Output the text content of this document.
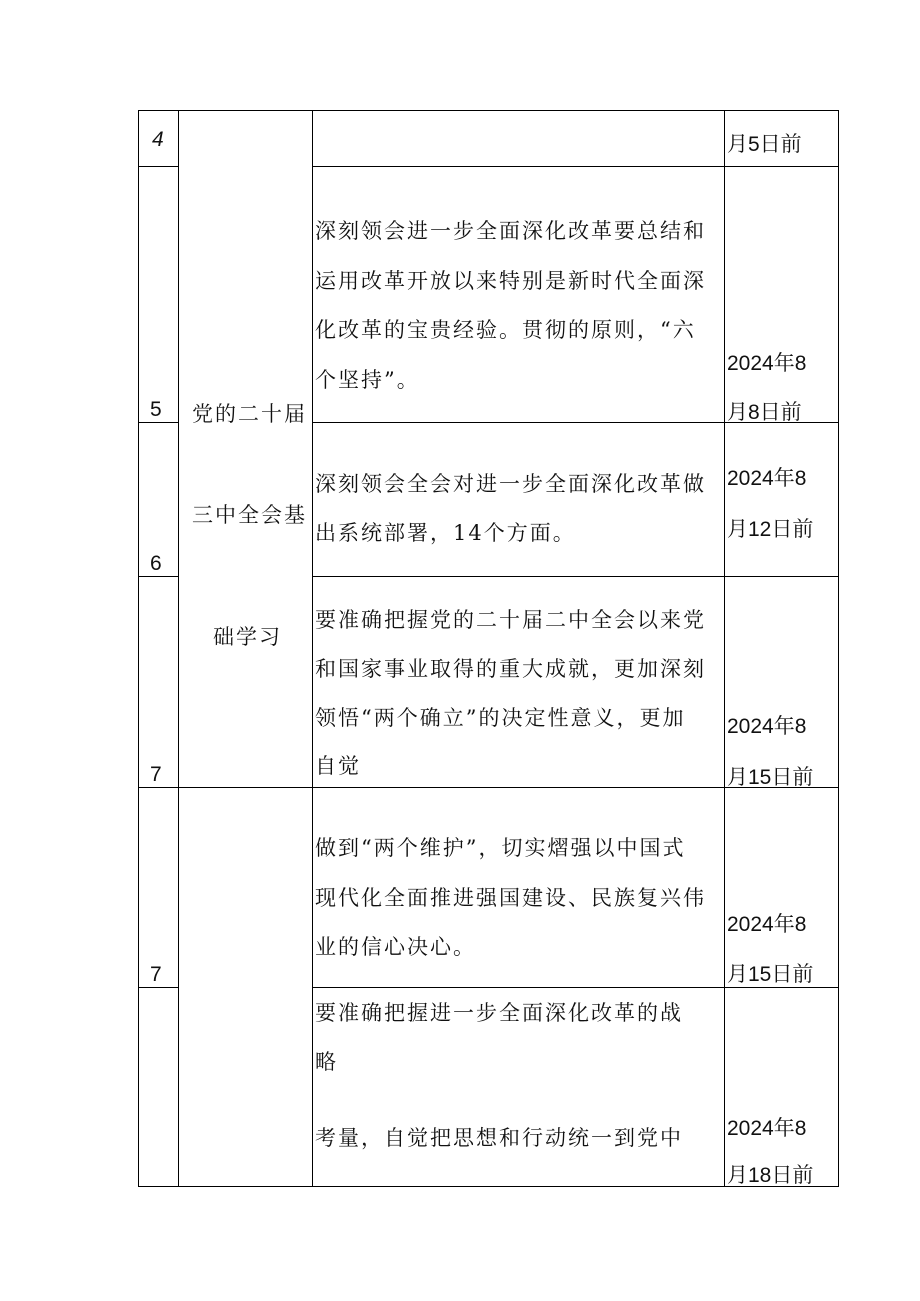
党的二十届
三中全会基
础学习
4	月5日前
5
深刻领会进一步全面深化改革要总结和
运用改革开放以来特别是新时代全面深
化改革的宝贵经验。贯彻的原则，“六
个坚持”。
2024年8
月8日前
6
深刻领会全会对进一步全面深化改革做
出系统部署，14个方面。
2024年8
月12日前
7
要准确把握党的二十届二中全会以来党
和国家事业取得的重大成就，更加深刻
领悟“两个确立”的决定性意义，更加
自觉
2024年8
月15日前
7
做到“两个维护”，切实熠强以中国式
现代化全面推进强国建设、民族复兴伟
业的信心决心。
2024年8
月15日前
要准确把握进一步全面深化改革的战
略
考量，自觉把思想和行动统一到党中 2024年8
月18日前
